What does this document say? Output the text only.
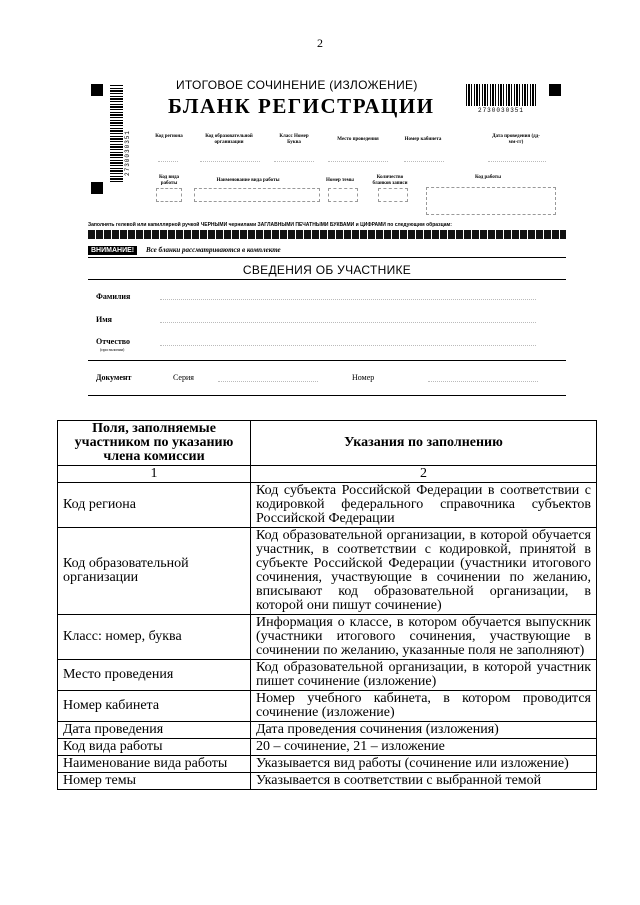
2
2730030351
2730030351
ИТОГОВОЕ СОЧИНЕНИЕ (ИЗЛОЖЕНИЕ)
БЛАНК РЕГИСТРАЦИИ
Код региона	Код образовательной организации
Класс Номер Буква
Место проведения	Номер кабинета
Дата проведения (дд-мм-гг)
Код вида работы
Наименование вида работы	Номер темы
Количество бланков записи
Код работы
Заполнять гелевой или капиллярной ручкой ЧЕРНЫМИ чернилами ЗАГЛАВНЫМИ ПЕЧАТНЫМИ БУКВАМИ и ЦИФРАМИ по следующим образцам:
ВНИМАНИЕ!	Все бланки рассматриваются в комплекте
СВЕДЕНИЯ ОБ УЧАСТНИКЕ
Фамилия
Имя
Отчество
(при наличии)
Документ	Серия	Номер
Поля, заполняемые участником по указанию члена комиссии	Указания по заполнению
1	2
Код региона	Код субъекта Российской Федерации в соответствии с кодировкой федерального справочника субъектов Российской Федерации
Код образовательной организации	Код образовательной организации, в которой обучается участник, в соответствии с кодировкой, принятой в субъекте Российской Федерации (участники итогового сочинения, участвующие в сочинении по желанию, вписывают код образовательной организации, в которой они пишут сочинение)
Класс: номер, буква	Информация о классе, в котором обучается выпускник (участники итогового сочинения, участвующие в сочинении по желанию, указанные поля не заполняют)
Место проведения	Код образовательной организации, в которой участник пишет сочинение (изложение)
Номер кабинета	Номер учебного кабинета, в котором проводится сочинение (изложение)
Дата проведения	Дата проведения сочинения (изложения)
Код вида работы	20 – сочинение, 21 – изложение
Наименование вида работы	Указывается вид работы (сочинение или изложение)
Номер темы	Указывается в соответствии с выбранной темой
